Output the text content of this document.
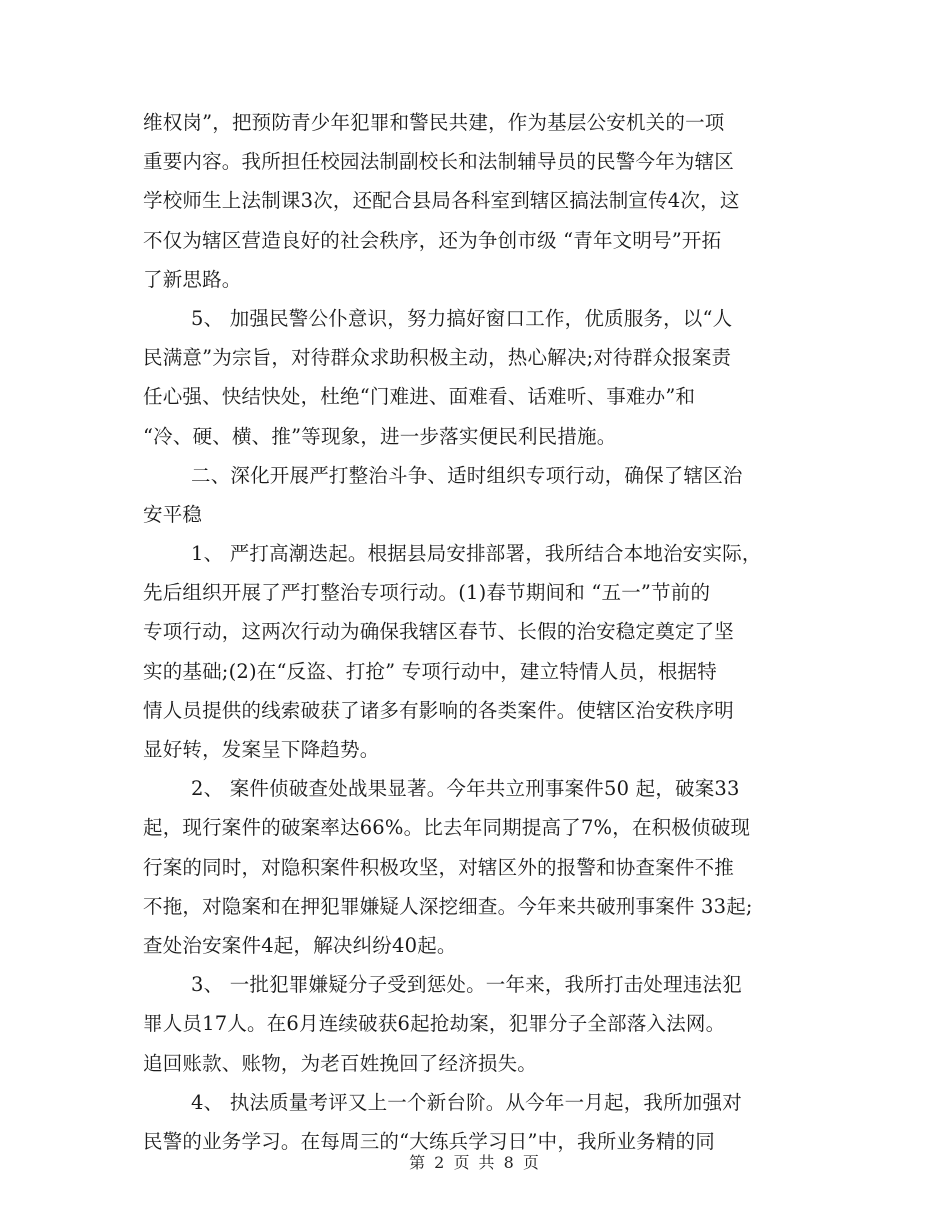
维权岗”，把预防青少年犯罪和警民共建，作为基层公安机关的一项
重要内容。我所担任校园法制副校长和法制辅导员的民警今年为辖区
学校师生上法制课3次，还配合县局各科室到辖区搞法制宣传4次，这
不仅为辖区营造良好的社会秩序，还为争创市级 “青年文明号”开拓
了新思路。
5、 加强民警公仆意识，努力搞好窗口工作，优质服务，以“人
民满意”为宗旨，对待群众求助积极主动，热心解决;对待群众报案责
任心强、快结快处，杜绝“门难进、面难看、话难听、事难办”和
“冷、硬、横、推”等现象，进一步落实便民利民措施。
二、深化开展严打整治斗争、适时组织专项行动，确保了辖区治
安平稳
1、 严打高潮迭起。根据县局安排部署，我所结合本地治安实际，
先后组织开展了严打整治专项行动。(1)春节期间和 “五一”节前的
专项行动，这两次行动为确保我辖区春节、长假的治安稳定奠定了坚
实的基础;(2)在“反盗、打抢” 专项行动中，建立特情人员，根据特
情人员提供的线索破获了诸多有影响的各类案件。使辖区治安秩序明
显好转，发案呈下降趋势。
2、 案件侦破查处战果显著。今年共立刑事案件50 起，破案33
起，现行案件的破案率达66%。比去年同期提高了7%，在积极侦破现
行案的同时，对隐积案件积极攻坚，对辖区外的报警和协查案件不推
不拖，对隐案和在押犯罪嫌疑人深挖细查。今年来共破刑事案件 33起;
查处治安案件4起，解决纠纷40起。
3、 一批犯罪嫌疑分子受到惩处。一年来，我所打击处理违法犯
罪人员17人。在6月连续破获6起抢劫案，犯罪分子全部落入法网。
追回账款、账物，为老百姓挽回了经济损失。
4、 执法质量考评又上一个新台阶。从今年一月起，我所加强对
民警的业务学习。在每周三的“大练兵学习日”中，我所业务精的同
第 2 页 共 8 页
